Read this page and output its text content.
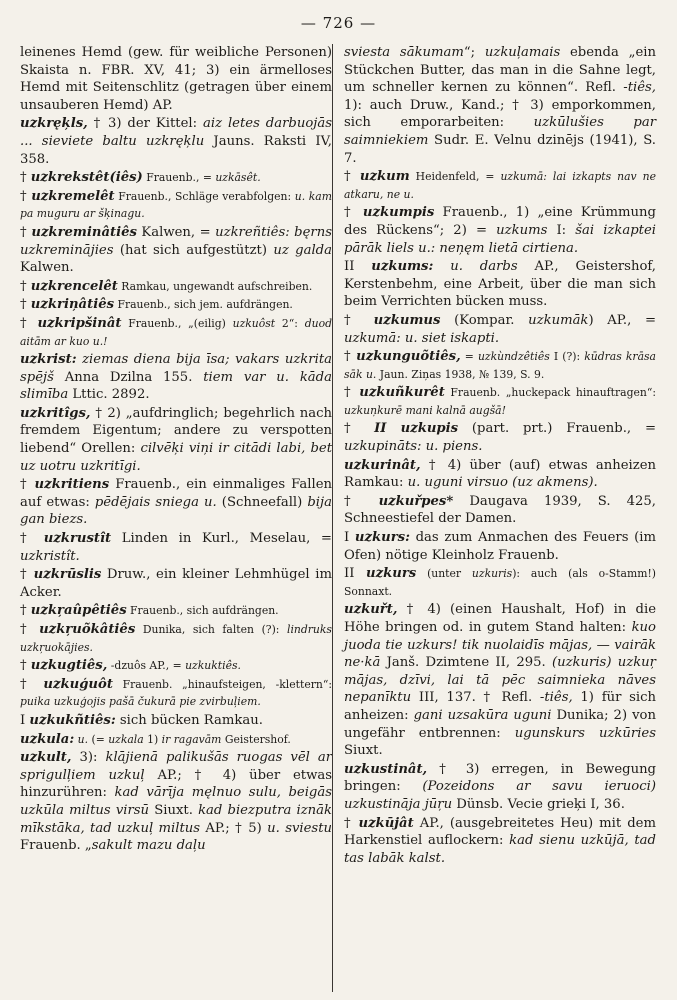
— 726 —
leinenes Hemd (gew. für weibliche Personen) Skaista n. FBR. XV, 41; 3) ein ärmelloses Hemd mit Seitenschlitz (getragen über einem unsauberen Hemd) AP.
uzkręķls, † 3) der Kittel: aiz letes darbuojās ... sieviete baltu uzkręķlu Jauns. Raksti IV, 358.
† uzkrekstêt(iês) Frauenb., = uzkāsêt.
† uzkremelêt Frauenb., Schläge verabfolgen: u. kam pa muguru ar šķinagu.
† uzkreminâtiês Kalwen, = uzkreñtiês: bęrns uzkreminājies (hat sich aufgestützt) uz galda Kalwen.
† uzkrencelêt Ramkau, ungewandt aufschreiben.
† uzkriņâtiês Frauenb., sich jem. aufdrängen.
† uzkripšinât Frauenb., „(eilig) uzkuôst 2“: duod aitām ar kuo u.!
uzkrist: ziemas diena bija īsa; vakars uzkrita spējš Anna Dzilna 155. tiem var u. kāda slimība Lttic. 2892.
uzkritîgs, † 2) „aufdringlich; begehrlich nach fremdem Eigentum; andere zu verspotten liebend“ Orellen: cilvēķi viņi ir citādi labi, bet uz uotru uzkritīgi.
† uzkritiens Frauenb., ein einmaliges Fallen auf etwas: pēdējais sniega u. (Schneefall) bija gan biezs.
† uzkrustît Linden in Kurl., Meselau, = uzkristît.
† uzkrūslis Druw., ein kleiner Lehmhügel im Acker.
† uzkŗaûpêtiês Frauenb., sich aufdrängen.
† uzkŗuõkâtiês Dunika, sich falten (?): lindruks uzkŗuokājies.
† uzkugtiês, -dzuôs AP., = uzkuktiês.
† uzkuģuôt Frauenb. „hinaufsteigen, -klettern“: puika uzkuģojis pašā čukurā pie zvirbuļiem.
I uzkukñtiês: sich bücken Ramkau.
uzkula: u. (= uzkala 1) ir ragavām Geistershof.
uzkult, 3): klājienā palikušās ruogas vēl ar sprigulļiem uzkuļ AP.; † 4) über etwas hinzurühren: kad vārīja męlnuo sulu, beigās uzkūla miltus virsū Siuxt. kad biezputra iznāk mīkstāka, tad uzkuļ miltus AP.; † 5) u. sviestu Frauenb. „sakult mazu daļu
sviesta sākumam“; uzkuļamais ebenda „ein Stückchen Butter, das man in die Sahne legt, um schneller kernen zu können“. Refl. -tiês, 1): auch Druw., Kand.; † 3) emporkommen, sich emporarbeiten: uzkūlušies par saimniekiem Sudr. E. Velnu dzinējs (1941), S. 7.
† uzkum Heidenfeld, = uzkumā: lai izkapts nav ne atkaru, ne u.
† uzkumpis Frauenb., 1) „eine Krümmung des Rückens“; 2) = uzkums I: šai izkaptei pārāk liels u.: neņęm lietā cirtiena.
II uzkums: u. darbs AP., Geistershof, Kerstenbehm, eine Arbeit, über die man sich beim Verrichten bücken muss.
† uzkumus (Kompar. uzkumāk) AP., = uzkumā: u. siet iskapti.
† uzkunguõtiês, = uzkùndzêtiês I (?): kūdras krāsa sāk u. Jaun. Ziņas 1938, № 139, S. 9.
† uzkuñkurêt Frauenb. „huckepack hinauftragen“: uzkuņkurē mani kalnā augšā!
† II uzkupis (part. prt.) Frauenb., = uzkupināts: u. piens.
uzkurinât, † 4) über (auf) etwas anheizen Ramkau: u. uguni virsuo (uz akmens).
† uzkuřpes* Daugava 1939, S. 425, Schneestiefel der Damen.
I uzkurs: das zum Anmachen des Feuers (im Ofen) nötige Kleinholz Frauenb.
II uzkurs (unter uzkuris): auch (als o-Stamm!) Sonnaxt.
uzkuřt, † 4) (einen Haushalt, Hof) in die Höhe bringen od. in gutem Stand halten: kuo juoda tie uzkurs! tik nuolaidīs mājas, — vairāk ne·kā Janš. Dzimtene II, 295. (uzkuris) uzkuŗ mājas, dzīvi, lai tā pēc saimnieka nāves nepanīktu III, 137. † Refl. -tiês, 1) für sich anheizen: gani uzsakūra uguni Dunika; 2) von ungefähr entbrennen: ugunskurs uzkūries Siuxt.
uzkustinât, † 3) erregen, in Bewegung bringen: (Pozeidons ar savu ieruoci) uzkustināja jūŗu Dünsb. Vecie grieķi I, 36.
† uzkūjât AP., (ausgebreitetes Heu) mit dem Harkenstiel auflockern: kad sienu uzkūjā, tad tas labāk kalst.
